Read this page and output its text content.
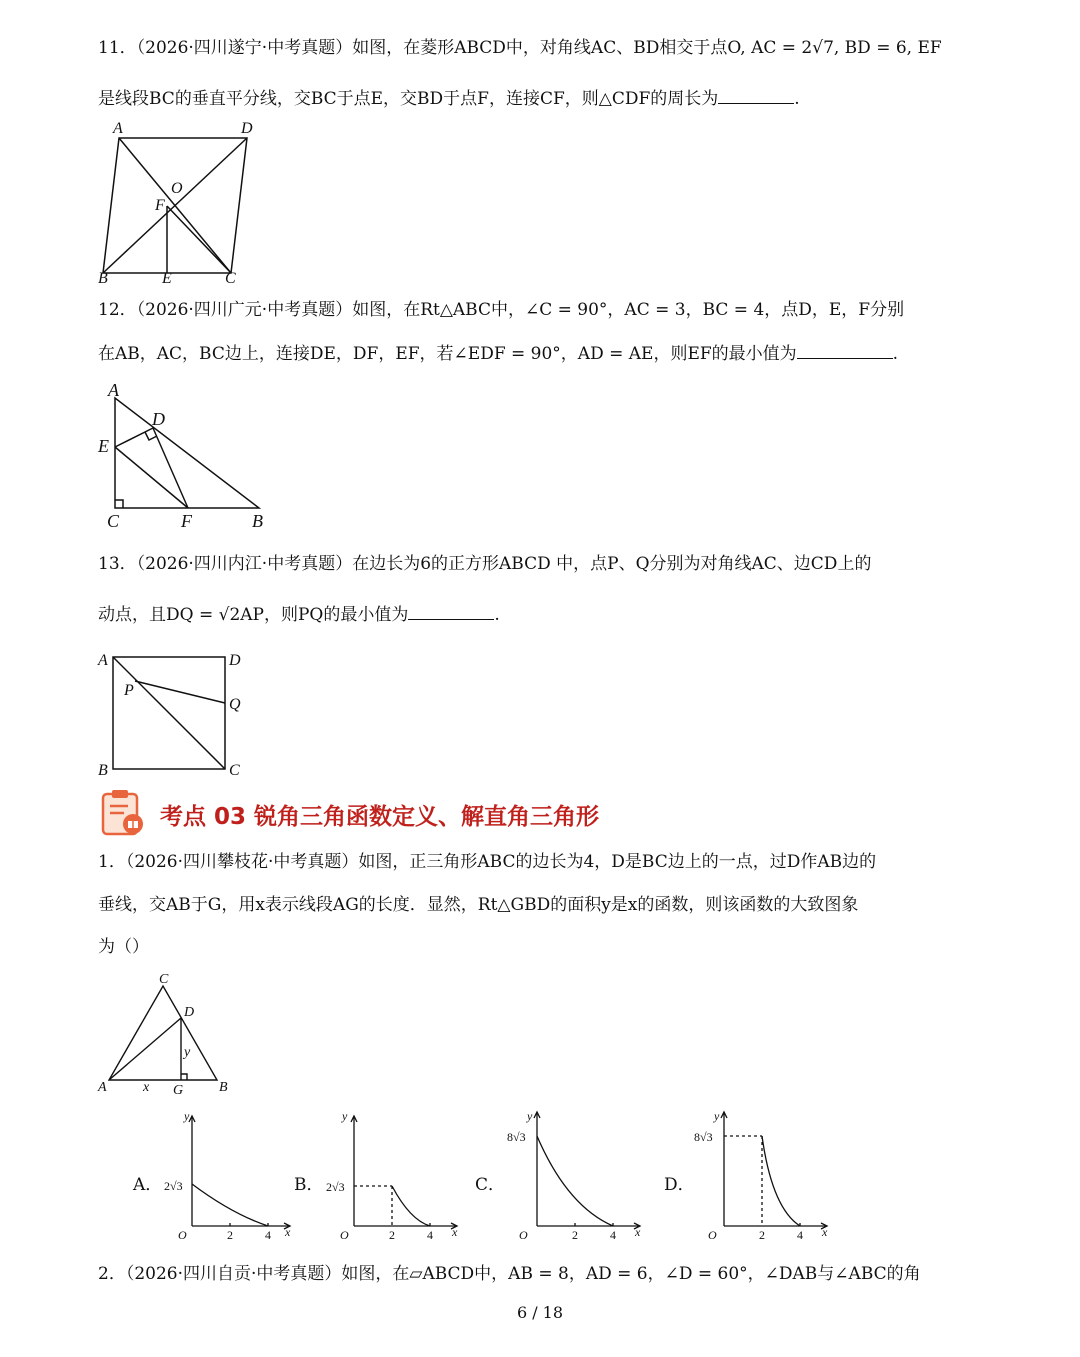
11．（2026·四川遂宁·中考真题）如图，在菱形ABCD中，对角线AC、BD相交于点O, AC = 2√7, BD = 6, EF
是线段BC的垂直平分线，交BC于点E，交BD于点F，连接CF，则△CDF的周长为	.
A	D
O
F
B	E	C
12．（2026·四川广元·中考真题）如图，在Rt△ABC中，∠C = 90°，AC = 3，BC = 4，点D，E，F分别
在AB，AC，BC边上，连接DE，DF，EF，若∠EDF = 90°，AD = AE，则EF的最小值为	.
A
D
E
C	F	B
13．（2026·四川内江·中考真题）在边长为6的正方形ABCD 中，点P、Q分别为对角线AC、边CD上的
动点，且DQ = √2AP，则PQ的最小值为	.
A	D
P
Q
B	C
考点 03 锐角三角函数定义、解直角三角形
1．（2026·四川攀枝花·中考真题）如图，正三角形ABC的边长为4，D是BC边上的一点，过D作AB边的
垂线，交AB于G，用x表示线段AG的长度．显然，Rt△GBD的面积y是x的函数，则该函数的大致图象
为（）
C
D
y
A	x G	B
A．
y
2√3
O	2	4 x
B．
y
2√3
O	2	4 x
C．
y
8√3
O	2	4 x
D．
y
8√3
O	2	4 x
2．（2026·四川自贡·中考真题）如图，在▱ABCD中，AB = 8，AD = 6，∠D = 60°，∠DAB与∠ABC的角
6 / 18
